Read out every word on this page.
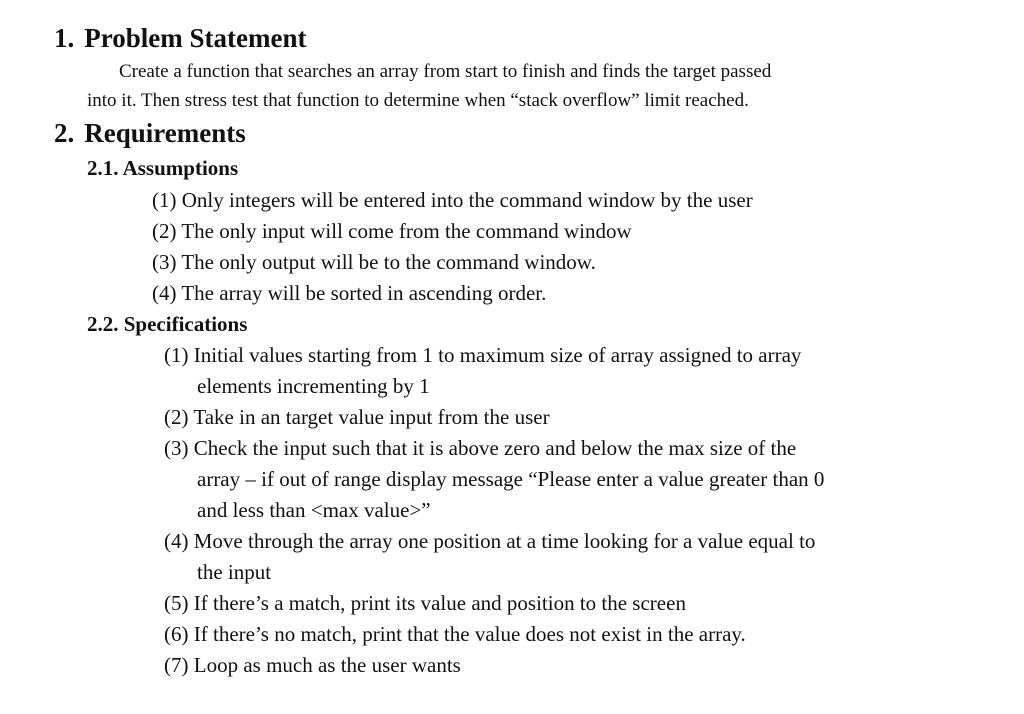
1. Problem Statement
Create a function that searches an array from start to finish and finds the target passed
into it. Then stress test that function to determine when “stack overflow” limit reached.
2. Requirements
2.1. Assumptions
(1) Only integers will be entered into the command window by the user
(2) The only input will come from the command window
(3) The only output will be to the command window.
(4) The array will be sorted in ascending order.
2.2. Specifications
(1) Initial values starting from 1 to maximum size of array assigned to array
elements incrementing by 1
(2) Take in an target value input from the user
(3) Check the input such that it is above zero and below the max size of the
array – if out of range display message “Please enter a value greater than 0
and less than <max value>”
(4) Move through the array one position at a time looking for a value equal to
the input
(5) If there’s a match, print its value and position to the screen
(6) If there’s no match, print that the value does not exist in the array.
(7) Loop as much as the user wants
